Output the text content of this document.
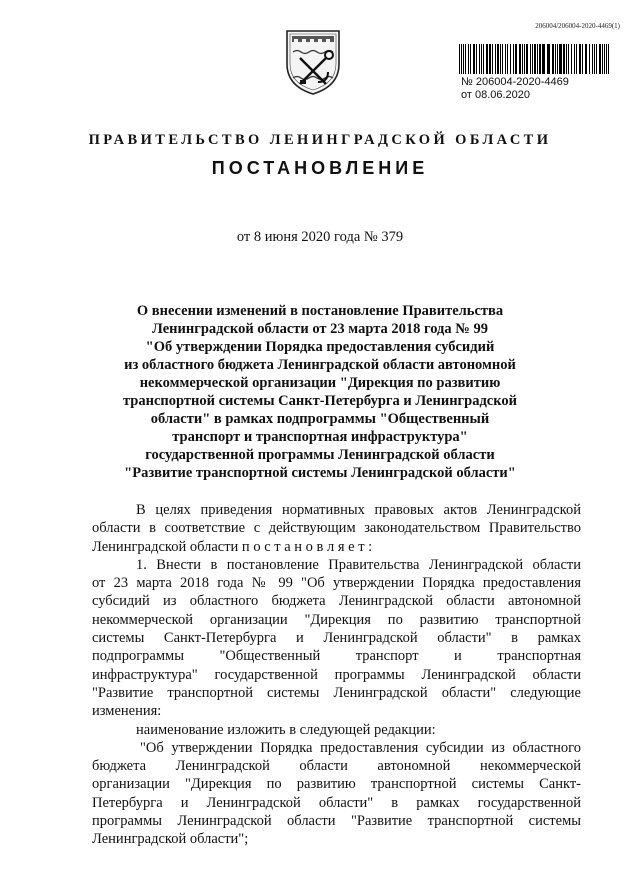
206004/206004-2020-4469(1)
№ 206004-2020-4469
от 08.06.2020
ПРАВИТЕЛЬСТВО ЛЕНИНГРАДСКОЙ ОБЛАСТИ
ПОСТАНОВЛЕНИЕ
от 8 июня 2020 года № 379
О внесении изменений в постановление Правительства
Ленинградской области от 23 марта 2018 года № 99
"Об утверждении Порядка предоставления субсидий
из областного бюджета Ленинградской области автономной
некоммерческой организации "Дирекция по развитию
транспортной системы Санкт-Петербурга и Ленинградской
области" в рамках подпрограммы "Общественный
транспорт и транспортная инфраструктура"
государственной программы Ленинградской области
"Развитие транспортной системы Ленинградской области"
В целях приведения нормативных правовых актов Ленинградской
области в соответствие с действующим законодательством Правительство
Ленинградской области п о с т а н о в л я е т :
1. Внести в постановление Правительства Ленинградской области
от 23 марта 2018 года № 99 "Об утверждении Порядка предоставления
субсидий из областного бюджета Ленинградской области автономной
некоммерческой организации "Дирекция по развитию транспортной
системы Санкт-Петербурга и Ленинградской области" в рамках
подпрограммы "Общественный транспорт и транспортная
инфраструктура" государственной программы Ленинградской области
"Развитие транспортной системы Ленинградской области" следующие
изменения:
наименование изложить в следующей редакции:
"Об утверждении Порядка предоставления субсидии из областного
бюджета Ленинградской области автономной некоммерческой
организации "Дирекция по развитию транспортной системы Санкт-
Петербурга и Ленинградской области" в рамках государственной
программы Ленинградской области "Развитие транспортной системы
Ленинградской области";
